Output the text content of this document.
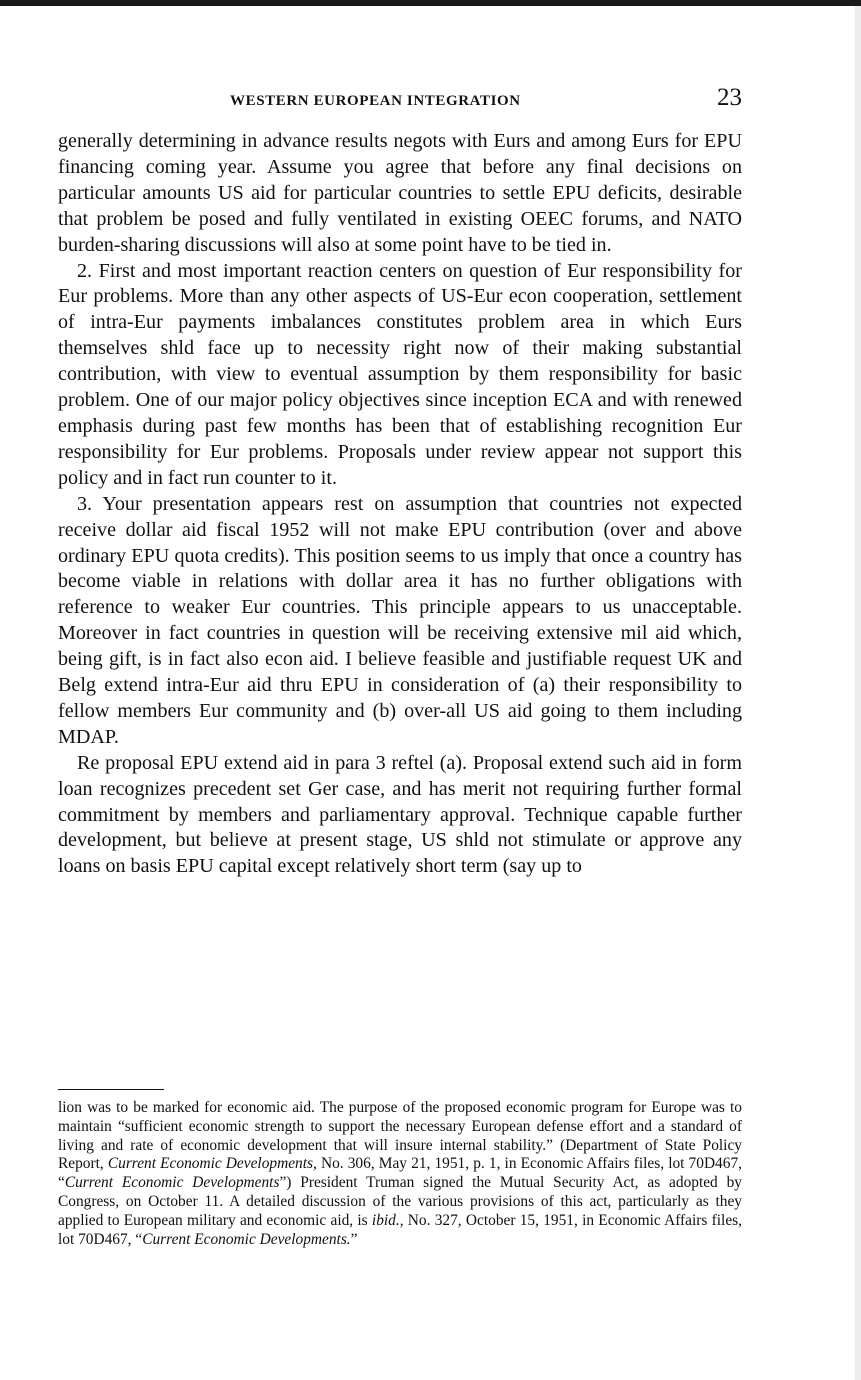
WESTERN EUROPEAN INTEGRATION	23

generally determining in advance results negots with Eurs and among Eurs for EPU financing coming year. Assume you agree that before any final decisions on particular amounts US aid for particular countries to settle EPU deficits, desirable that problem be posed and fully ventilated in existing OEEC forums, and NATO burden-sharing discussions will also at some point have to be tied in.

2. First and most important reaction centers on question of Eur responsibility for Eur problems. More than any other aspects of US-Eur econ cooperation, settlement of intra-Eur payments imbalances constitutes problem area in which Eurs themselves shld face up to necessity right now of their making substantial contribution, with view to eventual assumption by them responsibility for basic problem. One of our major policy objectives since inception ECA and with renewed emphasis during past few months has been that of establishing recognition Eur responsibility for Eur problems. Proposals under review appear not support this policy and in fact run counter to it.

3. Your presentation appears rest on assumption that countries not expected receive dollar aid fiscal 1952 will not make EPU contribution (over and above ordinary EPU quota credits). This position seems to us imply that once a country has become viable in relations with dollar area it has no further obligations with reference to weaker Eur countries. This principle appears to us unacceptable. Moreover in fact countries in question will be receiving extensive mil aid which, being gift, is in fact also econ aid. I believe feasible and justifiable request UK and Belg extend intra-Eur aid thru EPU in consideration of (a) their responsibility to fellow members Eur community and (b) over-all US aid going to them including MDAP.

Re proposal EPU extend aid in para 3 reftel (a). Proposal extend such aid in form loan recognizes precedent set Ger case, and has merit not requiring further formal commitment by members and parliamentary approval. Technique capable further development, but believe at present stage, US shld not stimulate or approve any loans on basis EPU capital except relatively short term (say up to

lion was to be marked for economic aid. The purpose of the proposed economic program for Europe was to maintain “sufficient economic strength to support the necessary European defense effort and a standard of living and rate of economic development that will insure internal stability.” (Department of State Policy Report, Current Economic Developments, No. 306, May 21, 1951, p. 1, in Economic Affairs files, lot 70D467, “Current Economic Developments”) President Truman signed the Mutual Security Act, as adopted by Congress, on October 11. A detailed discussion of the various provisions of this act, particularly as they applied to European military and economic aid, is ibid., No. 327, October 15, 1951, in Economic Affairs files, lot 70D467, “Current Economic Developments.”
